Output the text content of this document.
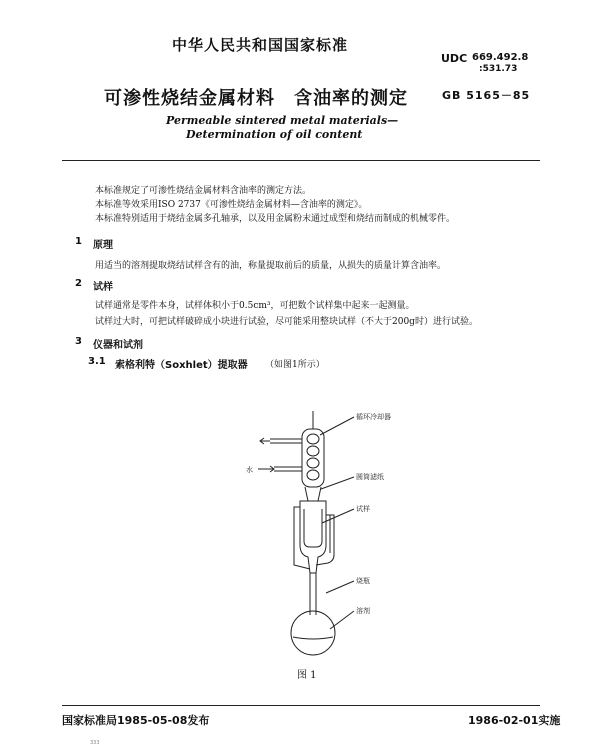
中华人民共和国国家标准
UDC 669.492.8
:531.73
可渗性烧结金属材料　含油率的测定	GB 5165－85
Permeable sintered metal materials—
Determination of oil content
本标准规定了可渗性烧结金属材料含油率的测定方法。
本标准等效采用ISO 2737《可渗性烧结金属材料—含油率的测定》。
本标准特别适用于烧结金属多孔轴承，以及用金属粉末通过成型和烧结而制成的机械零件。
1 原理
用适当的溶剂提取烧结试样含有的油，称量提取前后的质量，从损失的质量计算含油率。
2 试样
试样通常是零件本身，试样体积小于0.5cm³，可把数个试样集中起来一起测量。
试样过大时，可把试样破碎成小块进行试验，尽可能采用整块试样（不大于200g时）进行试验。
3 仪器和试剂
3.1 索格利特（Soxhlet）提取器 （如图1所示）
循环冷却器
水
圆筒滤纸
试样
烧瓶
溶剂
图 1
国家标准局1985-05-08发布	1986-02-01实施
333
